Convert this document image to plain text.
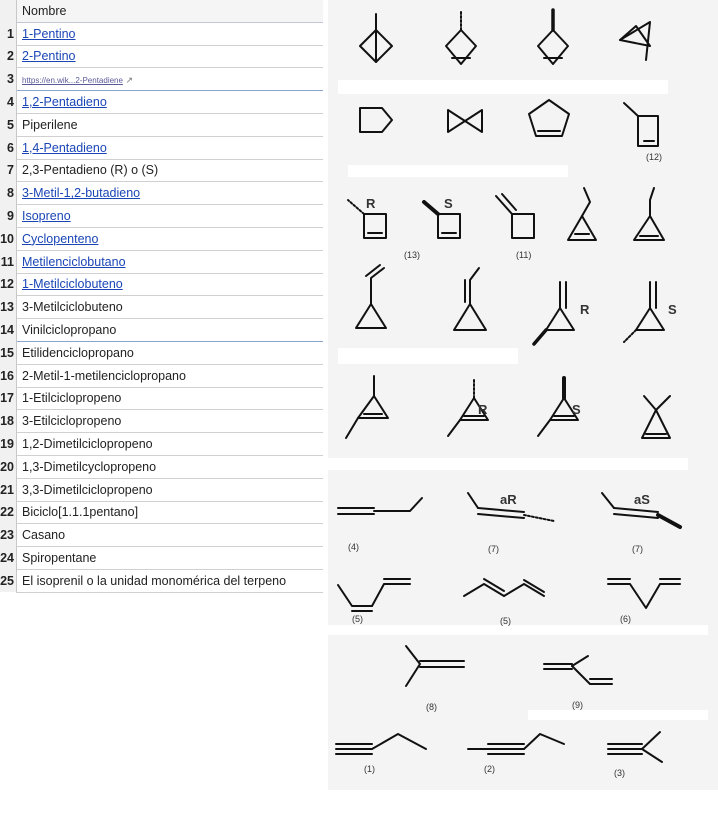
	Nombre
1	1-Pentino
2	2-Pentino
3	https://en.wik...2-Pentadiene ↗
4	1,2-Pentadieno
5	Piperilene
6	1,4-Pentadieno
7	2,3-Pentadieno (R) o (S)
8	3-Metil-1,2-butadieno
9	Isopreno
10	Cyclopenteno
11	Metilenciclobutano
12	1-Metilciclobuteno
13	3-Metilciclobuteno
14	Vinilciclopropano
15	Etilidenciclopropano
16	2-Metil-1-metilenciclopropano
17	1-Etilciclopropeno
18	3-Etilciclopropeno
19	1,2-Dimetilciclopropeno
20	1,3-Dimetilcyclopropeno
21	3,3-Dimetilciclopropeno
22	Biciclo[1.1.1pentano]
23	Casano
24	Spiropentane
25	El isoprenil o la unidad monomérica del terpeno
(12)
R	S
(13)	(11)
R	S
R	S
(4)
aR	aS
(7)	(7)
(5)	(5)	(6)
(8)	(9)
(1)	(2)	(3)
